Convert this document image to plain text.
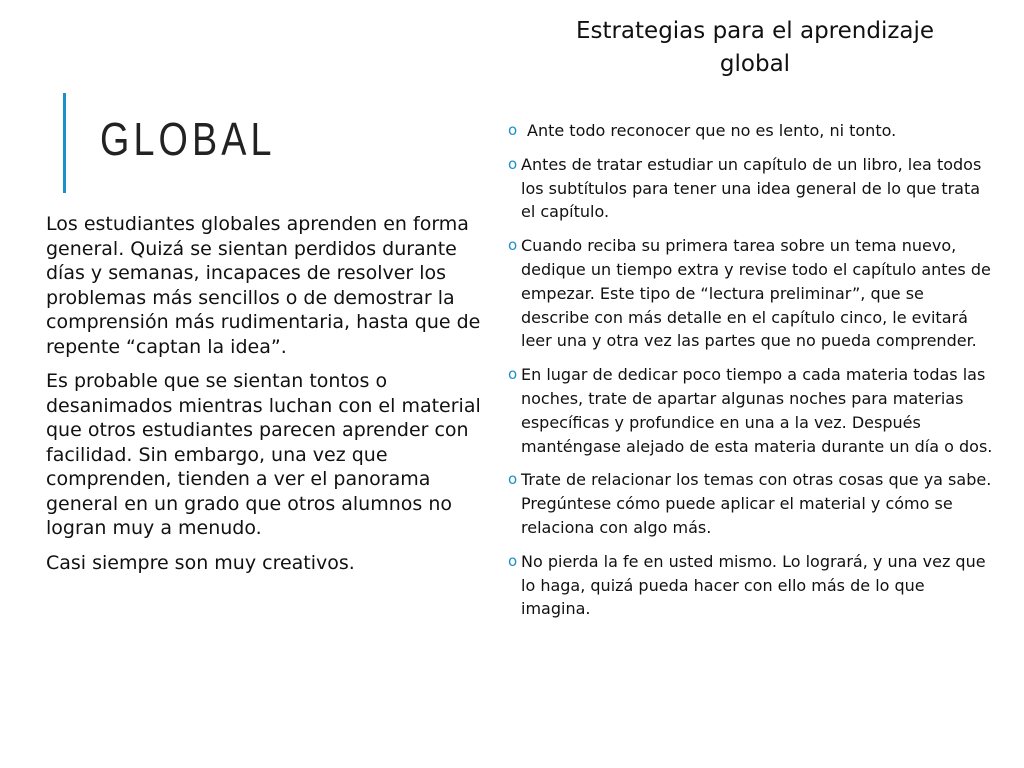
GLOBAL

Los estudiantes globales aprenden en forma general. Quizá se sientan perdidos durante días y semanas, incapaces de resolver los problemas más sencillos o de demostrar la comprensión más rudimentaria, hasta que de repente “captan la idea”.

Es probable que se sientan tontos o desanimados mientras luchan con el material que otros estudiantes parecen aprender con facilidad. Sin embargo, una vez que comprenden, tienden a ver el panorama general en un grado que otros alumnos no logran muy a menudo.

Casi siempre son muy creativos.

Estrategias para el aprendizaje global
o Ante todo reconocer que no es lento, ni tonto.
o Antes de tratar estudiar un capítulo de un libro, lea todos los subtítulos para tener una idea general de lo que trata el capítulo.
o Cuando reciba su primera tarea sobre un tema nuevo, dedique un tiempo extra y revise todo el capítulo antes de empezar. Este tipo de “lectura preliminar”, que se describe con más detalle en el capítulo cinco, le evitará leer una y otra vez las partes que no pueda comprender.
o En lugar de dedicar poco tiempo a cada materia todas las noches, trate de apartar algunas noches para materias específicas y profundice en una a la vez. Después manténgase alejado de esta materia durante un día o dos.
o Trate de relacionar los temas con otras cosas que ya sabe. Pregúntese cómo puede aplicar el material y cómo se relaciona con algo más.
o No pierda la fe en usted mismo. Lo logrará, y una vez que lo haga, quizá pueda hacer con ello más de lo que imagina.
